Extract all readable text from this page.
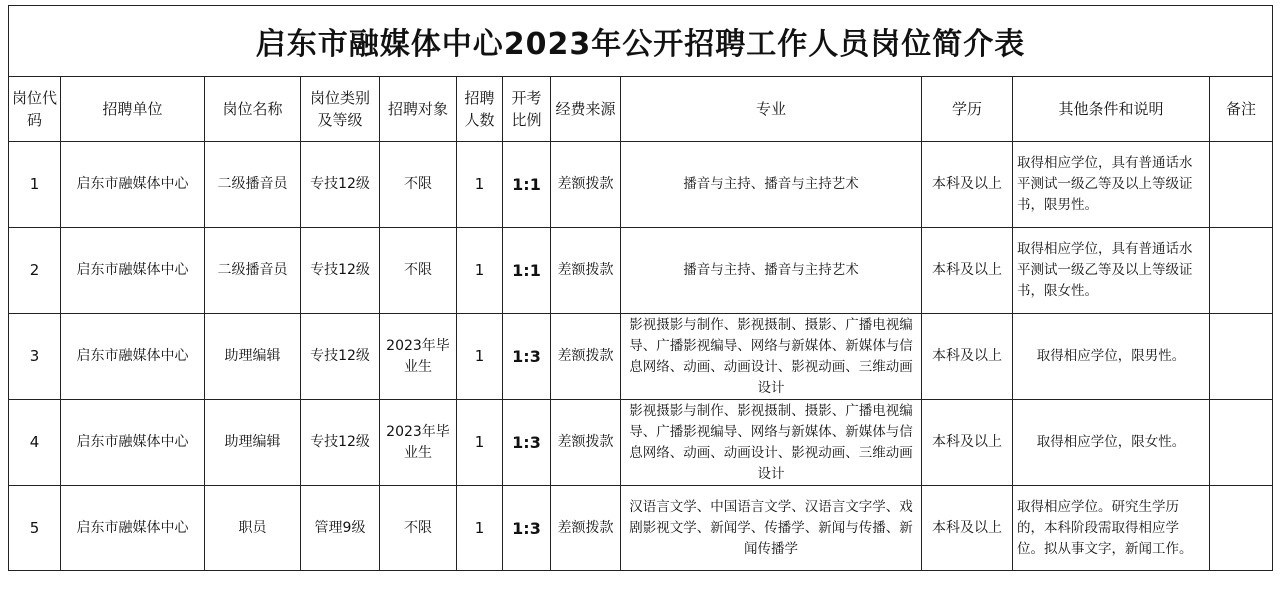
启东市融媒体中心2023年公开招聘工作人员岗位简介表											
岗位代码	招聘单位	岗位名称	岗位类别及等级	招聘对象	招聘人数	开考比例	经费来源	专业	学历	其他条件和说明	备注
1	启东市融媒体中心	二级播音员	专技12级	不限	1	1:1	差额拨款	播音与主持、播音与主持艺术	本科及以上	取得相应学位，具有普通话水平测试一级乙等及以上等级证书，限男性。	
2	启东市融媒体中心	二级播音员	专技12级	不限	1	1:1	差额拨款	播音与主持、播音与主持艺术	本科及以上	取得相应学位，具有普通话水平测试一级乙等及以上等级证书，限女性。	
3	启东市融媒体中心	助理编辑	专技12级	2023年毕业生	1	1:3	差额拨款	影视摄影与制作、影视摄制、摄影、广播电视编导、广播影视编导、网络与新媒体、新媒体与信息网络、动画、动画设计、影视动画、三维动画设计	本科及以上	取得相应学位，限男性。	
4	启东市融媒体中心	助理编辑	专技12级	2023年毕业生	1	1:3	差额拨款	影视摄影与制作、影视摄制、摄影、广播电视编导、广播影视编导、网络与新媒体、新媒体与信息网络、动画、动画设计、影视动画、三维动画设计	本科及以上	取得相应学位，限女性。	
5	启东市融媒体中心	职员	管理9级	不限	1	1:3	差额拨款	汉语言文学、中国语言文学、汉语言文字学、戏剧影视文学、新闻学、传播学、新闻与传播、新闻传播学	本科及以上	取得相应学位。研究生学历的，本科阶段需取得相应学位。拟从事文字，新闻工作。	
